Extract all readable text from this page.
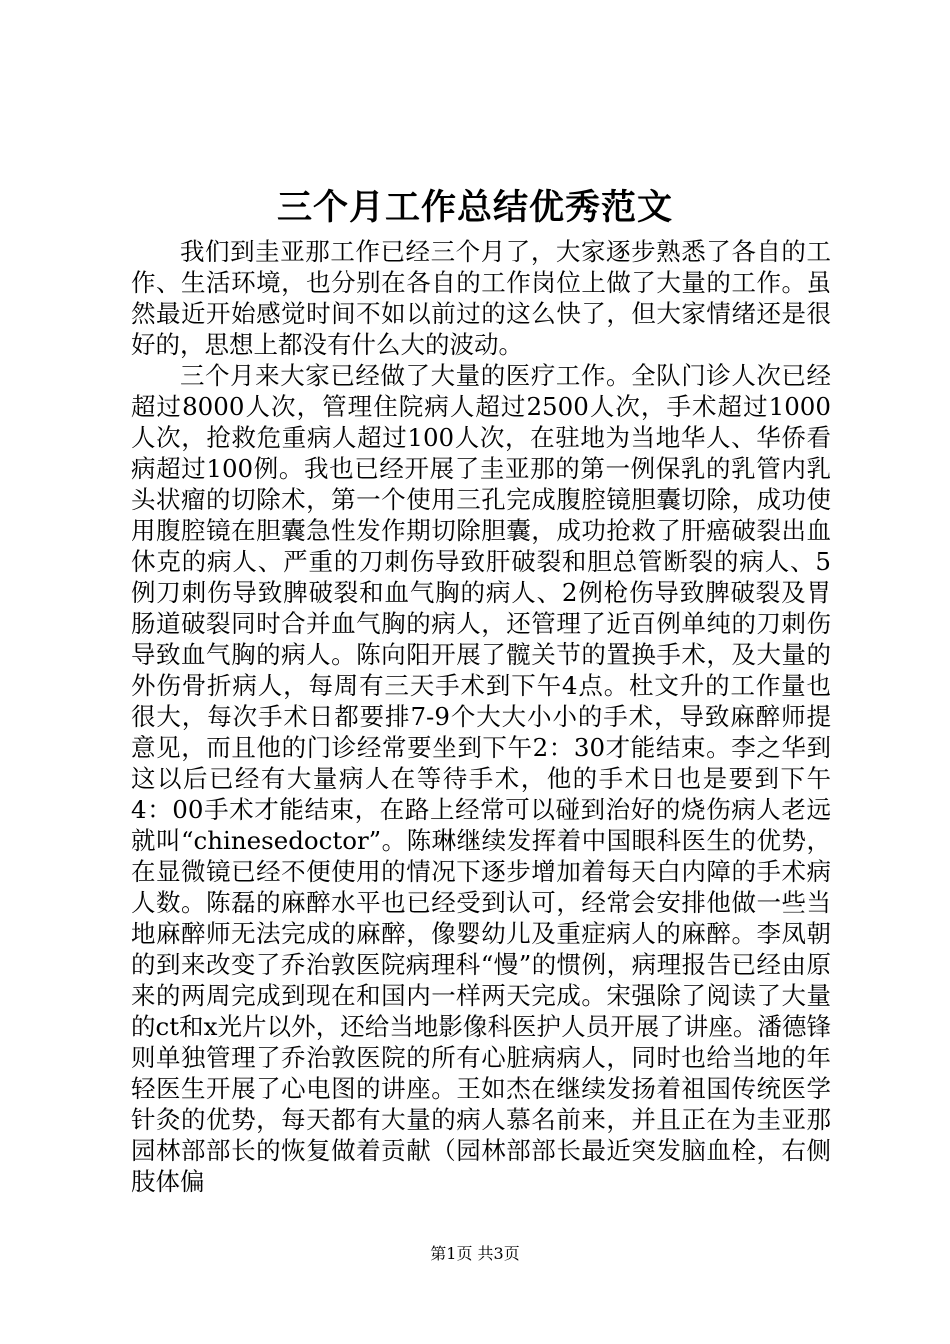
三个月工作总结优秀范文

我们到圭亚那工作已经三个月了，大家逐步熟悉了各自的工作、生活环境，也分别在各自的工作岗位上做了大量的工作。虽然最近开始感觉时间不如以前过的这么快了，但大家情绪还是很好的，思想上都没有什么大的波动。

三个月来大家已经做了大量的医疗工作。全队门诊人次已经超过8000人次，管理住院病人超过2500人次，手术超过1000人次，抢救危重病人超过100人次，在驻地为当地华人、华侨看病超过100例。我也已经开展了圭亚那的第一例保乳的乳管内乳头状瘤的切除术，第一个使用三孔完成腹腔镜胆囊切除，成功使用腹腔镜在胆囊急性发作期切除胆囊，成功抢救了肝癌破裂出血休克的病人、严重的刀刺伤导致肝破裂和胆总管断裂的病人、5例刀刺伤导致脾破裂和血气胸的病人、2例枪伤导致脾破裂及胃肠道破裂同时合并血气胸的病人，还管理了近百例单纯的刀刺伤导致血气胸的病人。陈向阳开展了髋关节的置换手术，及大量的外伤骨折病人，每周有三天手术到下午4点。杜文升的工作量也很大，每次手术日都要排7-9个大大小小的手术，导致麻醉师提意见，而且他的门诊经常要坐到下午2：30才能结束。李之华到这以后已经有大量病人在等待手术，他的手术日也是要到下午4：00手术才能结束，在路上经常可以碰到治好的烧伤病人老远就叫“chinesedoctor”。陈琳继续发挥着中国眼科医生的优势，在显微镜已经不便使用的情况下逐步增加着每天白内障的手术病人数。陈磊的麻醉水平也已经受到认可，经常会安排他做一些当地麻醉师无法完成的麻醉，像婴幼儿及重症病人的麻醉。李凤朝的到来改变了乔治敦医院病理科“慢”的惯例，病理报告已经由原来的两周完成到现在和国内一样两天完成。宋强除了阅读了大量的ct和x光片以外，还给当地影像科医护人员开展了讲座。潘德锋则单独管理了乔治敦医院的所有心脏病病人，同时也给当地的年轻医生开展了心电图的讲座。王如杰在继续发扬着祖国传统医学针灸的优势，每天都有大量的病人慕名前来，并且正在为圭亚那园林部部长的恢复做着贡献（园林部部长最近突发脑血栓，右侧肢体偏

第1页 共3页
